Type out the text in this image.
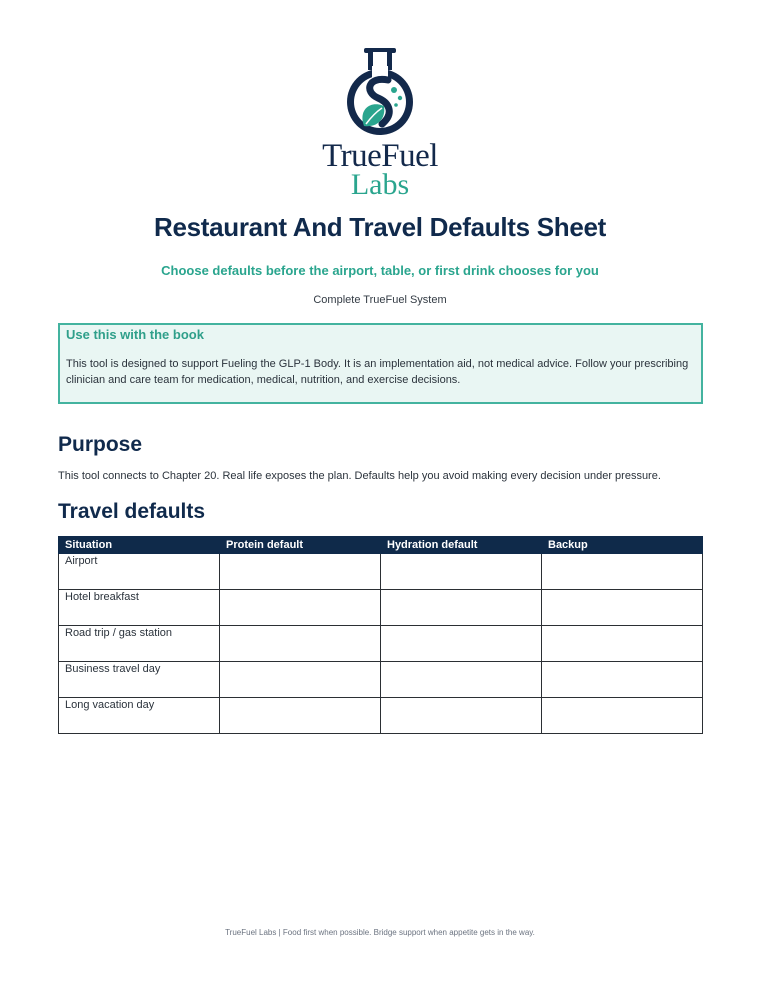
TrueFuel
Labs
Restaurant And Travel Defaults Sheet
Choose defaults before the airport, table, or first drink chooses for you
Complete TrueFuel System
Use this with the book
This tool is designed to support Fueling the GLP-1 Body. It is an implementation aid, not medical advice. Follow your prescribing clinician and care team for medication, medical, nutrition, and exercise decisions.
Purpose
This tool connects to Chapter 20. Real life exposes the plan. Defaults help you avoid making every decision under pressure.
Travel defaults
Situation	Protein default	Hydration default	Backup
Airport			
Hotel breakfast			
Road trip / gas station			
Business travel day			
Long vacation day			
TrueFuel Labs | Food first when possible. Bridge support when appetite gets in the way.
